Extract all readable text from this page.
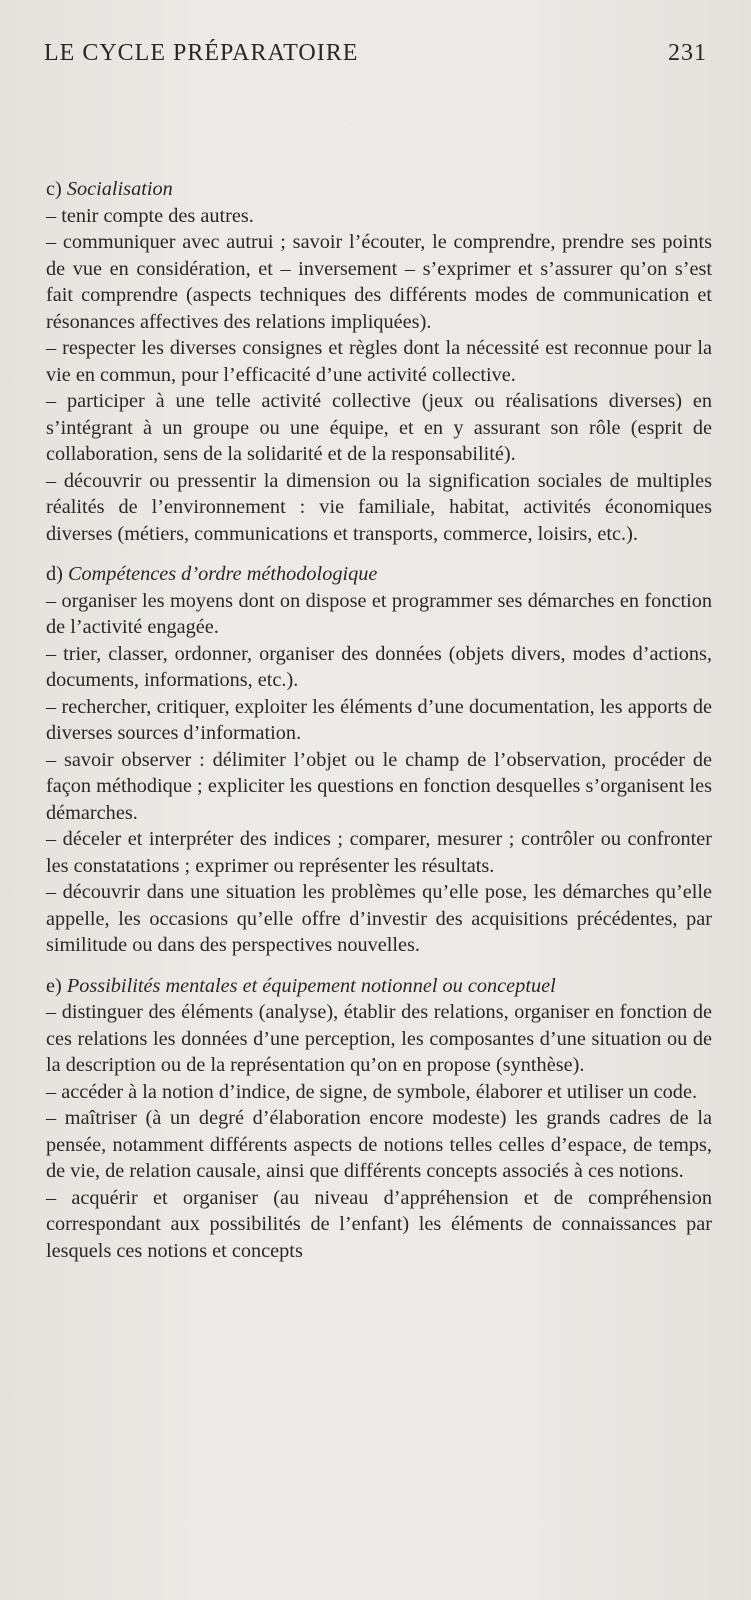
LE CYCLE PRÉPARATOIRE	231

c) Socialisation

– tenir compte des autres.

– communiquer avec autrui ; savoir l’écouter, le comprendre, prendre ses points de vue en considération, et – inversement – s’exprimer et s’assurer qu’on s’est fait comprendre (aspects techniques des différents modes de communication et résonances affectives des relations impliquées).

– respecter les diverses consignes et règles dont la nécessité est reconnue pour la vie en commun, pour l’efficacité d’une activité collective.

– participer à une telle activité collective (jeux ou réalisations diverses) en s’intégrant à un groupe ou une équipe, et en y assurant son rôle (esprit de collaboration, sens de la solidarité et de la responsabilité).

– découvrir ou pressentir la dimension ou la signification sociales de multiples réalités de l’environnement : vie familiale, habitat, activités économiques diverses (métiers, communications et transports, commerce, loisirs, etc.).

d) Compétences d’ordre méthodologique

– organiser les moyens dont on dispose et programmer ses démarches en fonction de l’activité engagée.

– trier, classer, ordonner, organiser des données (objets divers, modes d’actions, documents, informations, etc.).

– rechercher, critiquer, exploiter les éléments d’une documentation, les apports de diverses sources d’information.

– savoir observer : délimiter l’objet ou le champ de l’observation, procéder de façon méthodique ; expliciter les questions en fonction desquelles s’organisent les démarches.

– déceler et interpréter des indices ; comparer, mesurer ; contrôler ou confronter les constatations ; exprimer ou représenter les résultats.

– découvrir dans une situation les problèmes qu’elle pose, les démarches qu’elle appelle, les occasions qu’elle offre d’investir des acquisitions précédentes, par similitude ou dans des perspectives nouvelles.

e) Possibilités mentales et équipement notionnel ou conceptuel

– distinguer des éléments (analyse), établir des relations, organiser en fonction de ces relations les données d’une perception, les composantes d’une situation ou de la description ou de la représentation qu’on en propose (synthèse).

– accéder à la notion d’indice, de signe, de symbole, élaborer et utiliser un code.

– maîtriser (à un degré d’élaboration encore modeste) les grands cadres de la pensée, notamment différents aspects de notions telles celles d’espace, de temps, de vie, de relation causale, ainsi que différents concepts associés à ces notions.

– acquérir et organiser (au niveau d’appréhension et de compréhension correspondant aux possibilités de l’enfant) les éléments de connaissances par lesquels ces notions et concepts
